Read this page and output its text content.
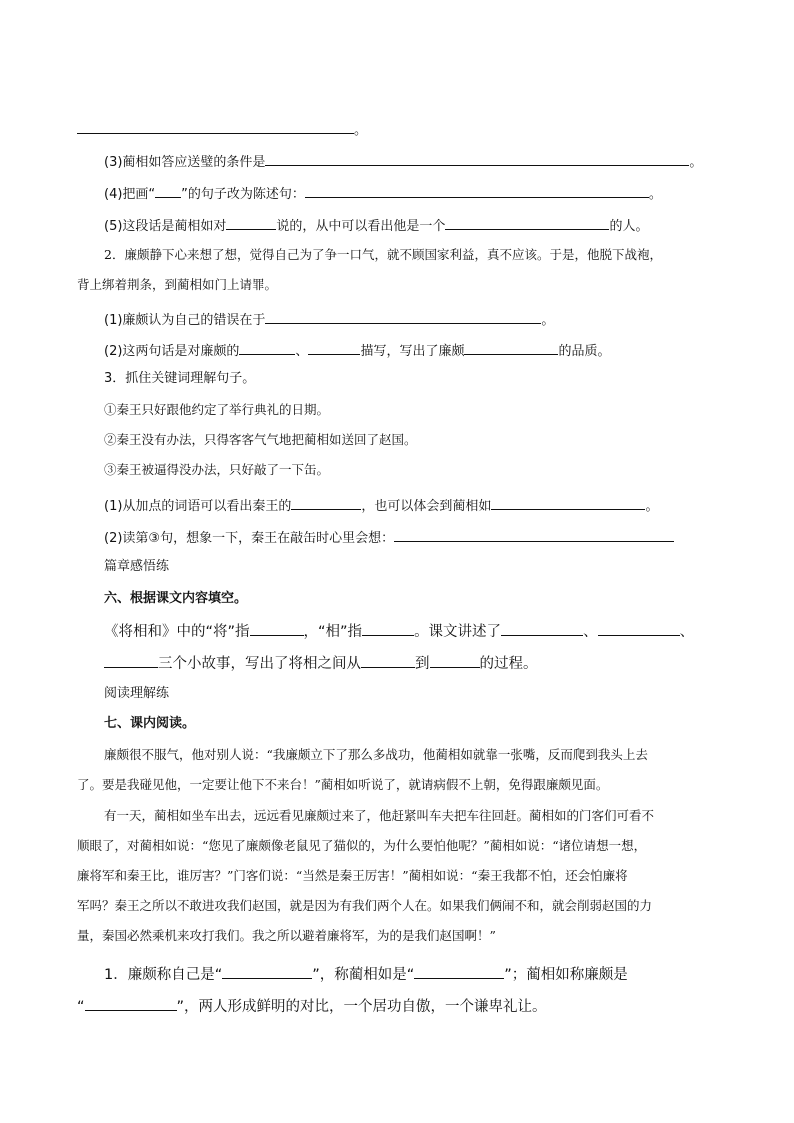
。
(3)蔺相如答应送璧的条件是	。
(4)把画“ ”的句子改为陈述句：	。
(5)这段话是蔺相如对	说的，从中可以看出他是一个	的人。
2．廉颇静下心来想了想，觉得自己为了争一口气，就不顾国家利益，真不应该。于是，他脱下战袍，
背上绑着荆条，到蔺相如门上请罪。
(1)廉颇认为自己的错误在于	。
(2)这两句话是对廉颇的	、	描写，写出了廉颇	的品质。
3．抓住关键词理解句子。
①秦王只好跟他约定了举行典礼的日期。
②秦王没有办法，只得客客气气地把蔺相如送回了赵国。
③秦王被逼得没办法，只好敲了一下缶。
(1)从加点的词语可以看出秦王的	，也可以体会到蔺相如	。
(2)读第③句，想象一下，秦王在敲缶时心里会想：
篇章感悟练
六、根据课文内容填空。
《将相和》中的“将”指	，“相”指	。课文讲述了	、	、
三个小故事，写出了将相之间从	到	的过程。
阅读理解练
七、课内阅读。
廉颇很不服气，他对别人说：“我廉颇立下了那么多战功，他蔺相如就靠一张嘴，反而爬到我头上去
了。要是我碰见他，一定要让他下不来台！”蔺相如听说了，就请病假不上朝，免得跟廉颇见面。
有一天，蔺相如坐车出去，远远看见廉颇过来了，他赶紧叫车夫把车往回赶。蔺相如的门客们可看不
顺眼了，对蔺相如说：“您见了廉颇像老鼠见了猫似的，为什么要怕他呢？”蔺相如说：“诸位请想一想，
廉将军和秦王比，谁厉害？”门客们说：“当然是秦王厉害！”蔺相如说：“秦王我都不怕，还会怕廉将
军吗？秦王之所以不敢进攻我们赵国，就是因为有我们两个人在。如果我们俩闹不和，就会削弱赵国的力
量，秦国必然乘机来攻打我们。我之所以避着廉将军，为的是我们赵国啊！”
1．廉颇称自己是“	”，称蔺相如是“	”；蔺相如称廉颇是
“	”，两人形成鲜明的对比，一个居功自傲，一个谦卑礼让。
